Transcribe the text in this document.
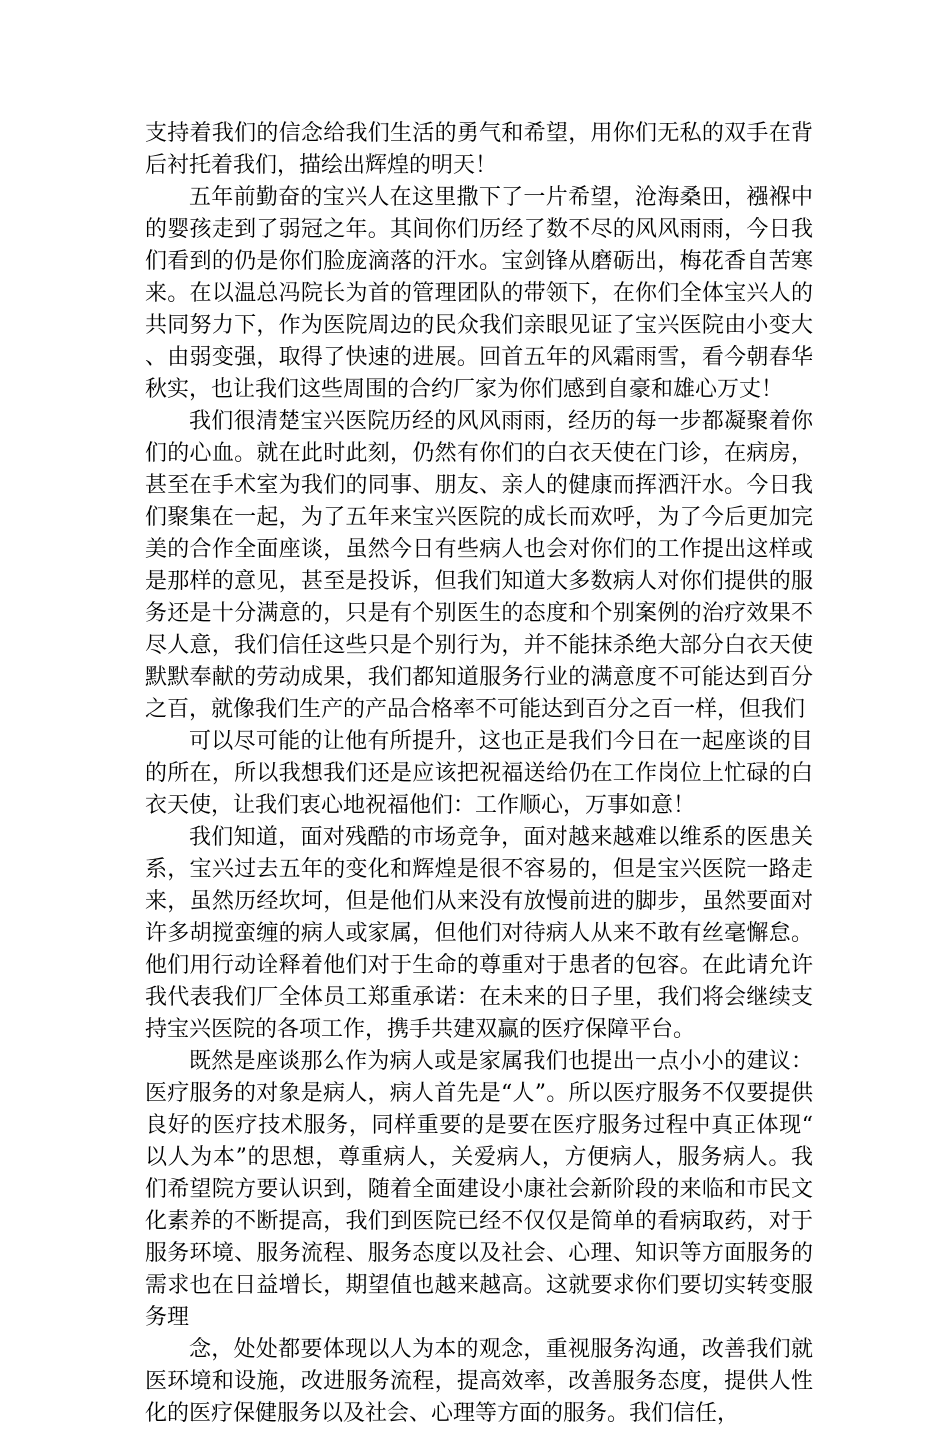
支持着我们的信念给我们生活的勇气和希望，用你们无私的双手在背后衬托着我们，描绘出辉煌的明天！

五年前勤奋的宝兴人在这里撒下了一片希望，沧海桑田，襁褓中的婴孩走到了弱冠之年。其间你们历经了数不尽的风风雨雨，今日我们看到的仍是你们脸庞滴落的汗水。宝剑锋从磨砺出，梅花香自苦寒来。在以温总冯院长为首的管理团队的带领下，在你们全体宝兴人的共同努力下，作为医院周边的民众我们亲眼见证了宝兴医院由小变大、由弱变强，取得了快速的进展。回首五年的风霜雨雪，看今朝春华秋实，也让我们这些周围的合约厂家为你们感到自豪和雄心万丈！

我们很清楚宝兴医院历经的风风雨雨，经历的每一步都凝聚着你们的心血。就在此时此刻，仍然有你们的白衣天使在门诊，在病房，甚至在手术室为我们的同事、朋友、亲人的健康而挥洒汗水。今日我们聚集在一起，为了五年来宝兴医院的成长而欢呼，为了今后更加完美的合作全面座谈，虽然今日有些病人也会对你们的工作提出这样或是那样的意见，甚至是投诉，但我们知道大多数病人对你们提供的服务还是十分满意的，只是有个别医生的态度和个别案例的治疗效果不尽人意，我们信任这些只是个别行为，并不能抹杀绝大部分白衣天使默默奉献的劳动成果，我们都知道服务行业的满意度不可能达到百分之百，就像我们生产的产品合格率不可能达到百分之百一样，但我们

可以尽可能的让他有所提升，这也正是我们今日在一起座谈的目的所在，所以我想我们还是应该把祝福送给仍在工作岗位上忙碌的白衣天使，让我们衷心地祝福他们：工作顺心，万事如意！

我们知道，面对残酷的市场竞争，面对越来越难以维系的医患关系，宝兴过去五年的变化和辉煌是很不容易的，但是宝兴医院一路走来，虽然历经坎坷，但是他们从来没有放慢前进的脚步，虽然要面对许多胡搅蛮缠的病人或家属，但他们对待病人从来不敢有丝毫懈怠。他们用行动诠释着他们对于生命的尊重对于患者的包容。在此请允许我代表我们厂全体员工郑重承诺：在未来的日子里，我们将会继续支持宝兴医院的各项工作，携手共建双赢的医疗保障平台。

既然是座谈那么作为病人或是家属我们也提出一点小小的建议：医疗服务的对象是病人，病人首先是“人”。所以医疗服务不仅要提供良好的医疗技术服务，同样重要的是要在医疗服务过程中真正体现“以人为本”的思想，尊重病人，关爱病人，方便病人，服务病人。我们希望院方要认识到，随着全面建设小康社会新阶段的来临和市民文化素养的不断提高，我们到医院已经不仅仅是简单的看病取药，对于服务环境、服务流程、服务态度以及社会、心理、知识等方面服务的需求也在日益增长，期望值也越来越高。这就要求你们要切实转变服务理

念，处处都要体现以人为本的观念，重视服务沟通，改善我们就医环境和设施，改进服务流程，提高效率，改善服务态度，提供人性化的医疗保健服务以及社会、心理等方面的服务。我们信任，
